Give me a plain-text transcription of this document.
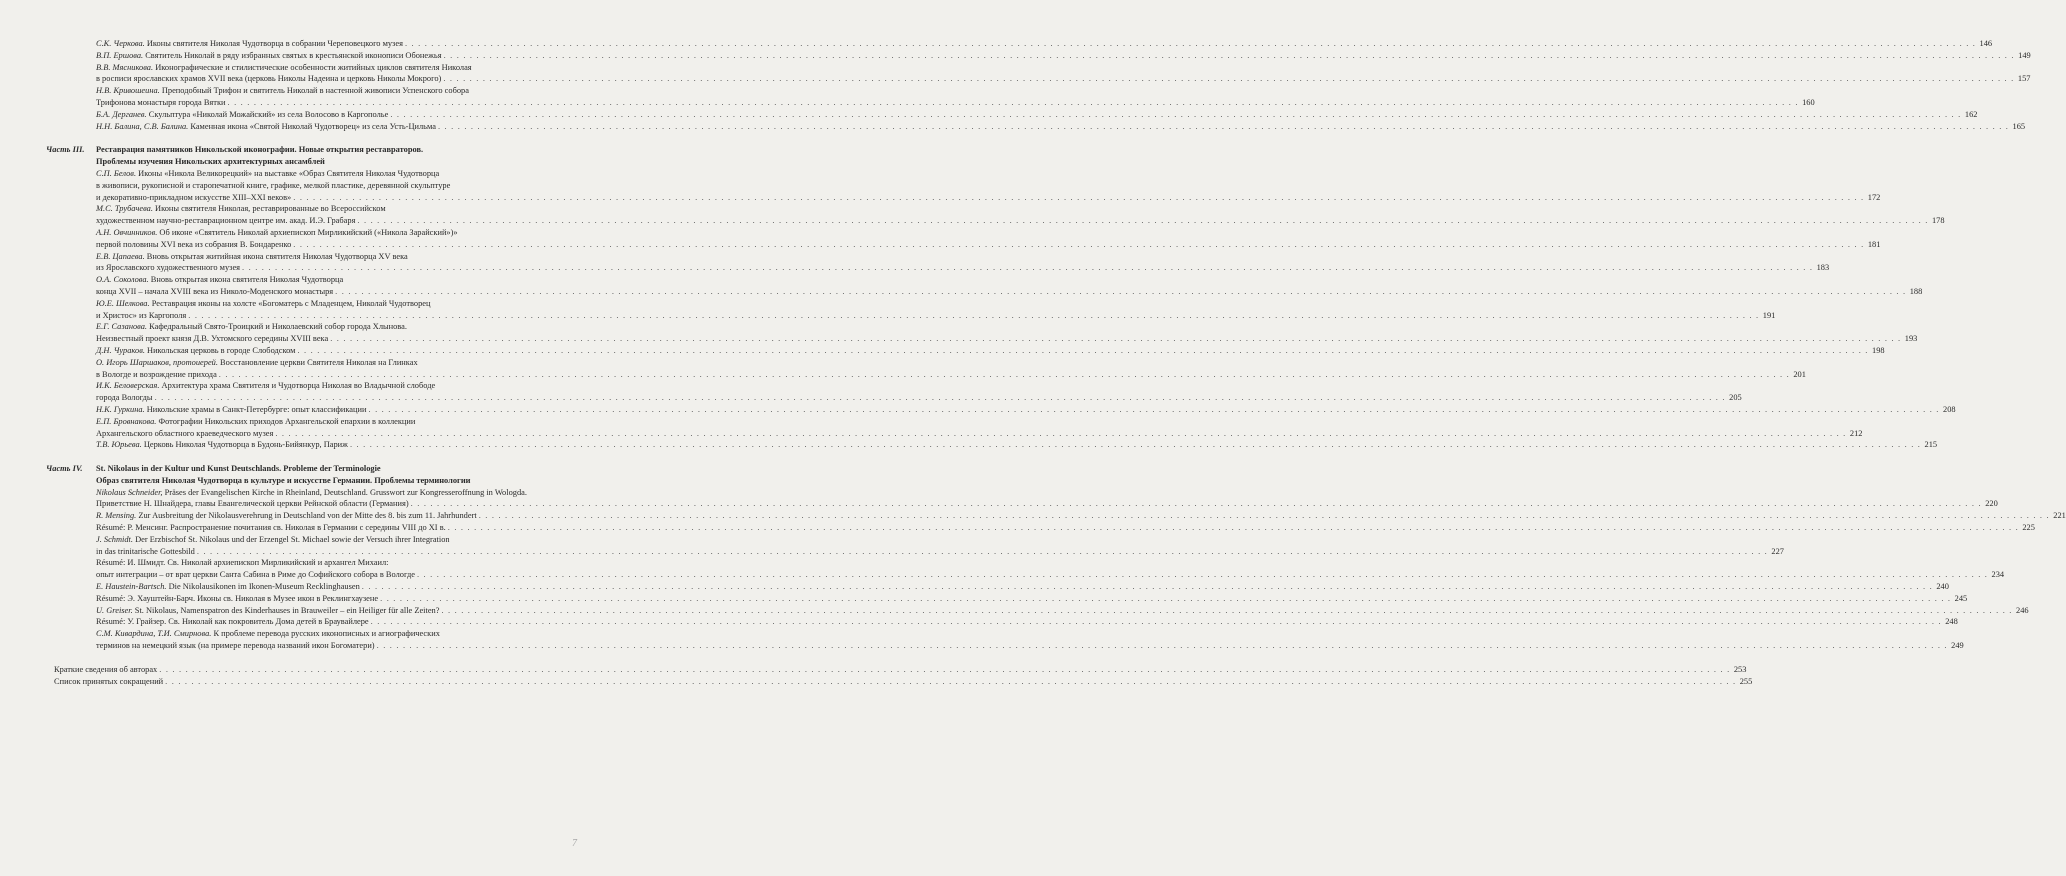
С.К. Черкова. Иконы святителя Николая Чудотворца в собрании Череповецкого музея . . .	146
В.П. Ершова. Святитель Николай в ряду избранных святых в крестьянской иконописи Обонежья . . .	149
В.В. Мясникова. Иконографические и стилистические особенности житийных циклов святителя Николая
в росписи ярославских храмов XVII века (церковь Николы Надеина и церковь Николы Мокрого) . . .	157
Н.В. Кривошеина. Преподобный Трифон и святитель Николай в настенной живописи Успенского собора
Трифонова монастыря города Вятки . . .	160
Б.А. Дерганев. Скульптура «Николай Можайский» из села Волосово в Каргополье . . .	162
Н.Н. Балина, С.В. Балина. Каменная икона «Святой Николай Чудотворец» из села Усть-Цильма . . .	165
Часть III. Реставрация памятников Никольской иконографии. Новые открытия реставраторов.
Проблемы изучения Никольских архитектурных ансамблей
С.П. Белов. Иконы «Никола Великорецкий» на выставке «Образ Святителя Николая Чудотворца
в живописи, рукописной и старопечатной книге, графике, мелкой пластике, деревянной скульптуре
и декоративно-прикладном искусстве XIII–XXI веков» . . .	172
М.С. Трубачева. Иконы святителя Николая, реставрированные во Всероссийском
художественном научно-реставрационном центре им. акад. И.Э. Грабаря . . .	178
А.Н. Овчинников. Об иконе «Святитель Николай архиепископ Мирликийский («Никола Зарайский»)»
первой половины XVI века из собрания В. Бондаренко . . .	181
Е.В. Цапаева. Вновь открытая житийная икона святителя Николая Чудотворца XV века
из Ярославского художественного музея . . .	183
О.А. Соколова. Вновь открытая икона святителя Николая Чудотворца
конца XVII – начала XVIII века из Николо-Моденского монастыря . . .	188
Ю.Е. Шелкова. Реставрация иконы на холсте «Богоматерь с Младенцем, Николай Чудотворец
и Христос» из Каргополя . . .	191
Е.Г. Сазанова. Кафедральный Свято-Троицкий и Николаевский собор города Хлынова.
Неизвестный проект князя Д.В. Ухтомского середины XVIII века . . .	193
Д.Н. Чураков. Никольская церковь в городе Слободском . . .	198
О. Игорь Шаршаков, протоиерей. Восстановление церкви Святителя Николая на Глинках
в Вологде и возрождение прихода . . .	201
И.К. Беловерская. Архитектура храма Святителя и Чудотворца Николая во Владычной слободе
города Вологды . . .	205
Н.К. Гуркина. Никольские храмы в Санкт-Петербурге: опыт классификации . . .	208
Е.П. Бровнакова. Фотографии Никольских приходов Архангельской епархии в коллекции
Архангельского областного краеведческого музея . . .	212
Т.В. Юрьева. Церковь Николая Чудотворца в Будонь-Бийянкур, Париж . . .	215
Часть IV. St. Nikolaus in der Kultur und Kunst Deutschlands. Probleme der Terminologie
Образ святителя Николая Чудотворца в культуре и искусстве Германии. Проблемы терминологии
Nikolaus Schneider, Präses der Evangelischen Kirche in Rheinland, Deutschland. Grusswort zur Kongresseroffnung in Wologda.
Приветствие Н. Шнайдера, главы Евангелической церкви Рейнской области (Германия) . . .	220
R. Mensing. Zur Ausbreitung der Nikolausverehrung in Deutschland von der Mitte des 8. bis zum 11. Jahrhundert . . .	221
Résumé: Р. Менсинг. Распространение почитания св. Николая в Германии с середины VIII до XI в. . . .	225
J. Schmidt. Der Erzbischof St. Nikolaus und der Erzengel St. Michael sowie der Versuch ihrer Integration
in das trinitarische Gottesbild . . .	227
Résumé: И. Шмидт. Св. Николай архиепископ Мирликийский и архангел Михаил:
опыт интеграции – от врат церкви Санта Сабина в Риме до Софийского собора в Вологде . . .	234
E. Haustein-Bartsch. Die Nikolausikonen im Ikonen-Museum Recklinghausen . . .	240
Résumé: Э. Хауштейн-Барч. Иконы св. Николая в Музее икон в Реклингхаузене . . .	245
U. Greiser. St. Nikolaus, Namenspatron des Kinderhauses in Brauweiler – ein Heiliger für alle Zeiten? . . .	246
Résumé: У. Грайзер. Св. Николай как покровитель Дома детей в Браувайлере . . .	248
С.М. Кивардина, Т.И. Смирнова. К проблеме перевода русских иконописных и агиографических
терминов на немецкий язык (на примере перевода названий икон Богоматери) . . .	249
Краткие сведения об авторах . . .	253
Список принятых сокращений . . .	255
7
